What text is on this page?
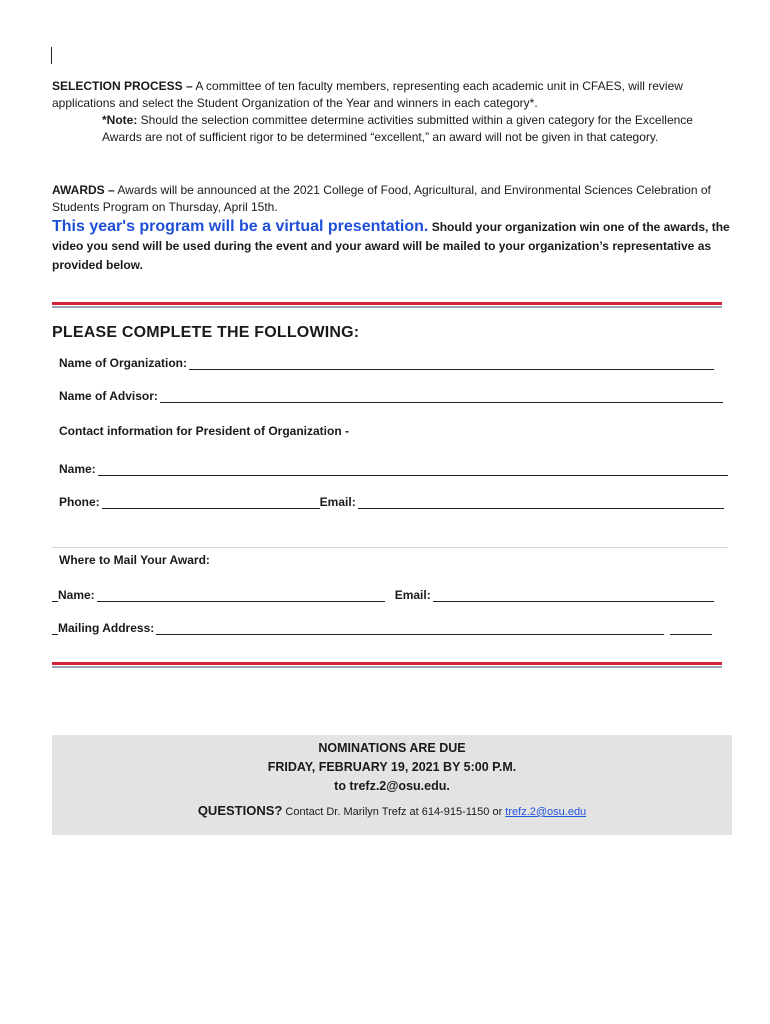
SELECTION PROCESS – A committee of ten faculty members, representing each academic unit in CFAES, will review applications and select the Student Organization of the Year and winners in each category*.
*Note: Should the selection committee determine activities submitted within a given category for the Excellence Awards are not of sufficient rigor to be determined “excellent,” an award will not be given in that category.
AWARDS – Awards will be announced at the 2021 College of Food, Agricultural, and Environmental Sciences Celebration of Students Program on Thursday, April 15th.
This year's program will be a virtual presentation. Should your organization win one of the awards, the video you send will be used during the event and your award will be mailed to your organization’s representative as provided below.
PLEASE COMPLETE THE FOLLOWING:
Name of Organization:
Name of Advisor:
Contact information for President of Organization -
Name:
Phone:	Email:
Where to Mail Your Award:
Name:	Email:
Mailing Address:
NOMINATIONS ARE DUE
FRIDAY, FEBRUARY 19, 2021 BY 5:00 P.M.
to trefz.2@osu.edu.
QUESTIONS? Contact Dr. Marilyn Trefz at 614-915-1150 or trefz.2@osu.edu
